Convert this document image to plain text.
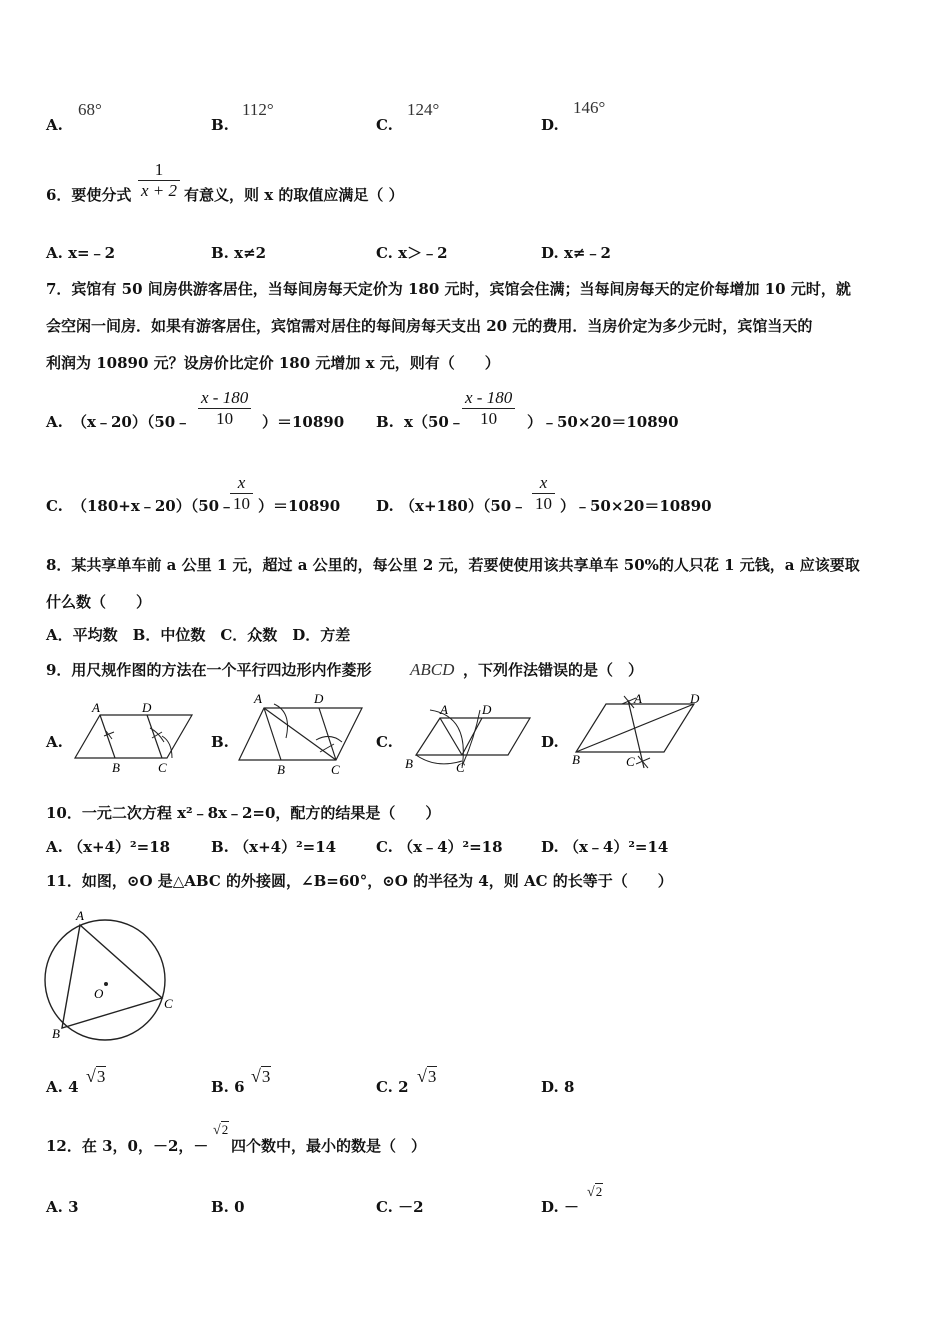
A.
68°
B.
112°
C.
124°
D.
146°
6．要使分式 $\frac{1}{x + 2}$ 有意义，则 x 的取值应满足（ ）
A. x=﹣2	B. x≠2	C. x＞﹣2	D. x≠﹣2
7．宾馆有 50 间房供游客居住，当每间房每天定价为 180 元时，宾馆会住满；当每间房每天的定价每增加 10 元时，就
会空闲一间房．如果有游客居住，宾馆需对居住的每间房每天支出 20 元的费用．当房价定为多少元时，宾馆当天的
利润为 10890 元？设房价比定价 180 元增加 x 元，则有（　　）
A. （x﹣20）（50﹣ $\frac{x - 180}{10} )=10890$ B. x（50﹣
$\frac{x - 180}{10}$ ）﹣50×20＝10890
C. （180+x﹣20）（50﹣
$\frac{x}{10} )=10890$ D. （x+180）（50﹣ $\frac{x}{10}$ ）﹣50×20＝10890
8．某共享单车前 a 公里 1 元，超过 a 公里的，每公里 2 元，若要使使用该共享单车 50%的人只花 1 元钱，a 应该要取
什么数（　　）
A．平均数　B．中位数　C．众数　D．方差
9．用尺规作图的方法在一个平行四边形内作菱形 ABCD ，下列作法错误的是（　）
A.	B.	C.	D.
A	D
B	C
A	D
B	C
A	D
B	C
A	D
B	C
10．一元二次方程 x²﹣8x﹣2=0，配方的结果是（　　）
A. （x+4）²=18	B. （x+4）²=14	C. （x﹣4）²=18	D. （x﹣4）²=14
11．如图，⊙O 是△ABC 的外接圆，∠B=60°，⊙O 的半径为 4，则 AC 的长等于（　　）
A
C
B
O
A. 4
√3
B. 6
√3
C. 2
√3
D. 8
12．在 3，0，－2，－
√2
四个数中，最小的数是（　）
A. 3	B. 0	C. －2	D. －
√2
